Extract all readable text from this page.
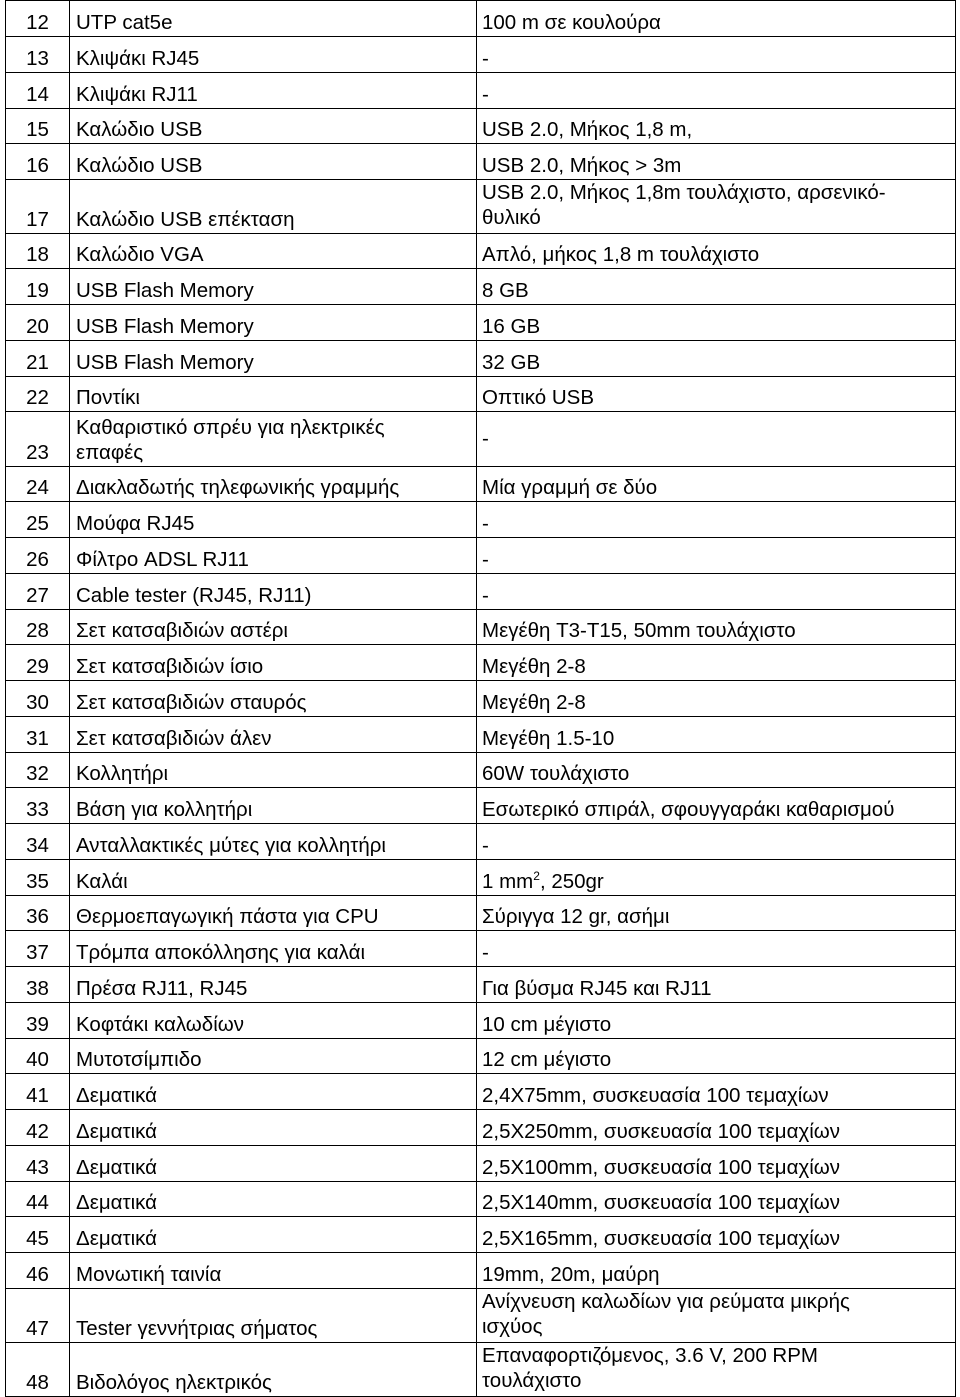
12	UTP cat5e	100 m σε κουλούρα

13	Κλιψάκι RJ45	-

14	Κλιψάκι RJ11	-

15	Καλώδιο USB	USB 2.0, Μήκος 1,8 m,

16	Καλώδιο USB	USB 2.0, Μήκος > 3m

17	Καλώδιο USB επέκταση	USB 2.0, Μήκος 1,8m τουλάχιστο, αρσενικό-
θυλικό

18	Καλώδιο VGA	Απλό, μήκος 1,8 m τουλάχιστο

19	USB Flash Memory	8 GB

20	USB Flash Memory	16 GB

21	USB Flash Memory	32 GB

22	Ποντίκι	Οπτικό USB

23	Καθαριστικό σπρέυ για ηλεκτρικές
επαφές	-

24	Διακλαδωτής τηλεφωνικής γραμμής	Μία γραμμή σε δύο

25	Μούφα RJ45	-

26	Φίλτρο ADSL RJ11	-

27	Cable tester (RJ45, RJ11)	-

28	Σετ κατσαβιδιών αστέρι	Μεγέθη T3-T15, 50mm τουλάχιστο

29	Σετ κατσαβιδιών ίσιο	Μεγέθη 2-8

30	Σετ κατσαβιδιών σταυρός	Μεγέθη 2-8

31	Σετ κατσαβιδιών άλεν	Μεγέθη 1.5-10

32	Κολλητήρι	60W τουλάχιστο

33	Βάση για κολλητήρι	Εσωτερικό σπιράλ, σφουγγαράκι καθαρισμού

34	Ανταλλακτικές μύτες για κολλητήρι	-

35	Καλάι	1 $mm^2$, 250gr

36	Θερμοεπαγωγική πάστα για CPU	Σύριγγα 12 gr, ασήμι

37	Τρόμπα αποκόλλησης για καλάι	-

38	Πρέσα RJ11, RJ45	Για βύσμα RJ45 και RJ11

39	Κοφτάκι καλωδίων	10 cm μέγιστο

40	Μυτοτσίμπιδο	12 cm μέγιστο

41	Δεματικά	2,4X75mm, συσκευασία 100 τεμαχίων

42	Δεματικά	2,5X250mm, συσκευασία 100 τεμαχίων

43	Δεματικά	2,5X100mm, συσκευασία 100 τεμαχίων

44	Δεματικά	2,5X140mm, συσκευασία 100 τεμαχίων

45	Δεματικά	2,5X165mm, συσκευασία 100 τεμαχίων

46	Μονωτική ταινία	19mm, 20m, μαύρη

47	Tester γεννήτριας σήματος	Ανίχνευση καλωδίων για ρεύματα μικρής
ισχύος

48	Βιδολόγος ηλεκτρικός	Επαναφορτιζόμενος, 3.6 V, 200 RPM
τουλάχιστο
